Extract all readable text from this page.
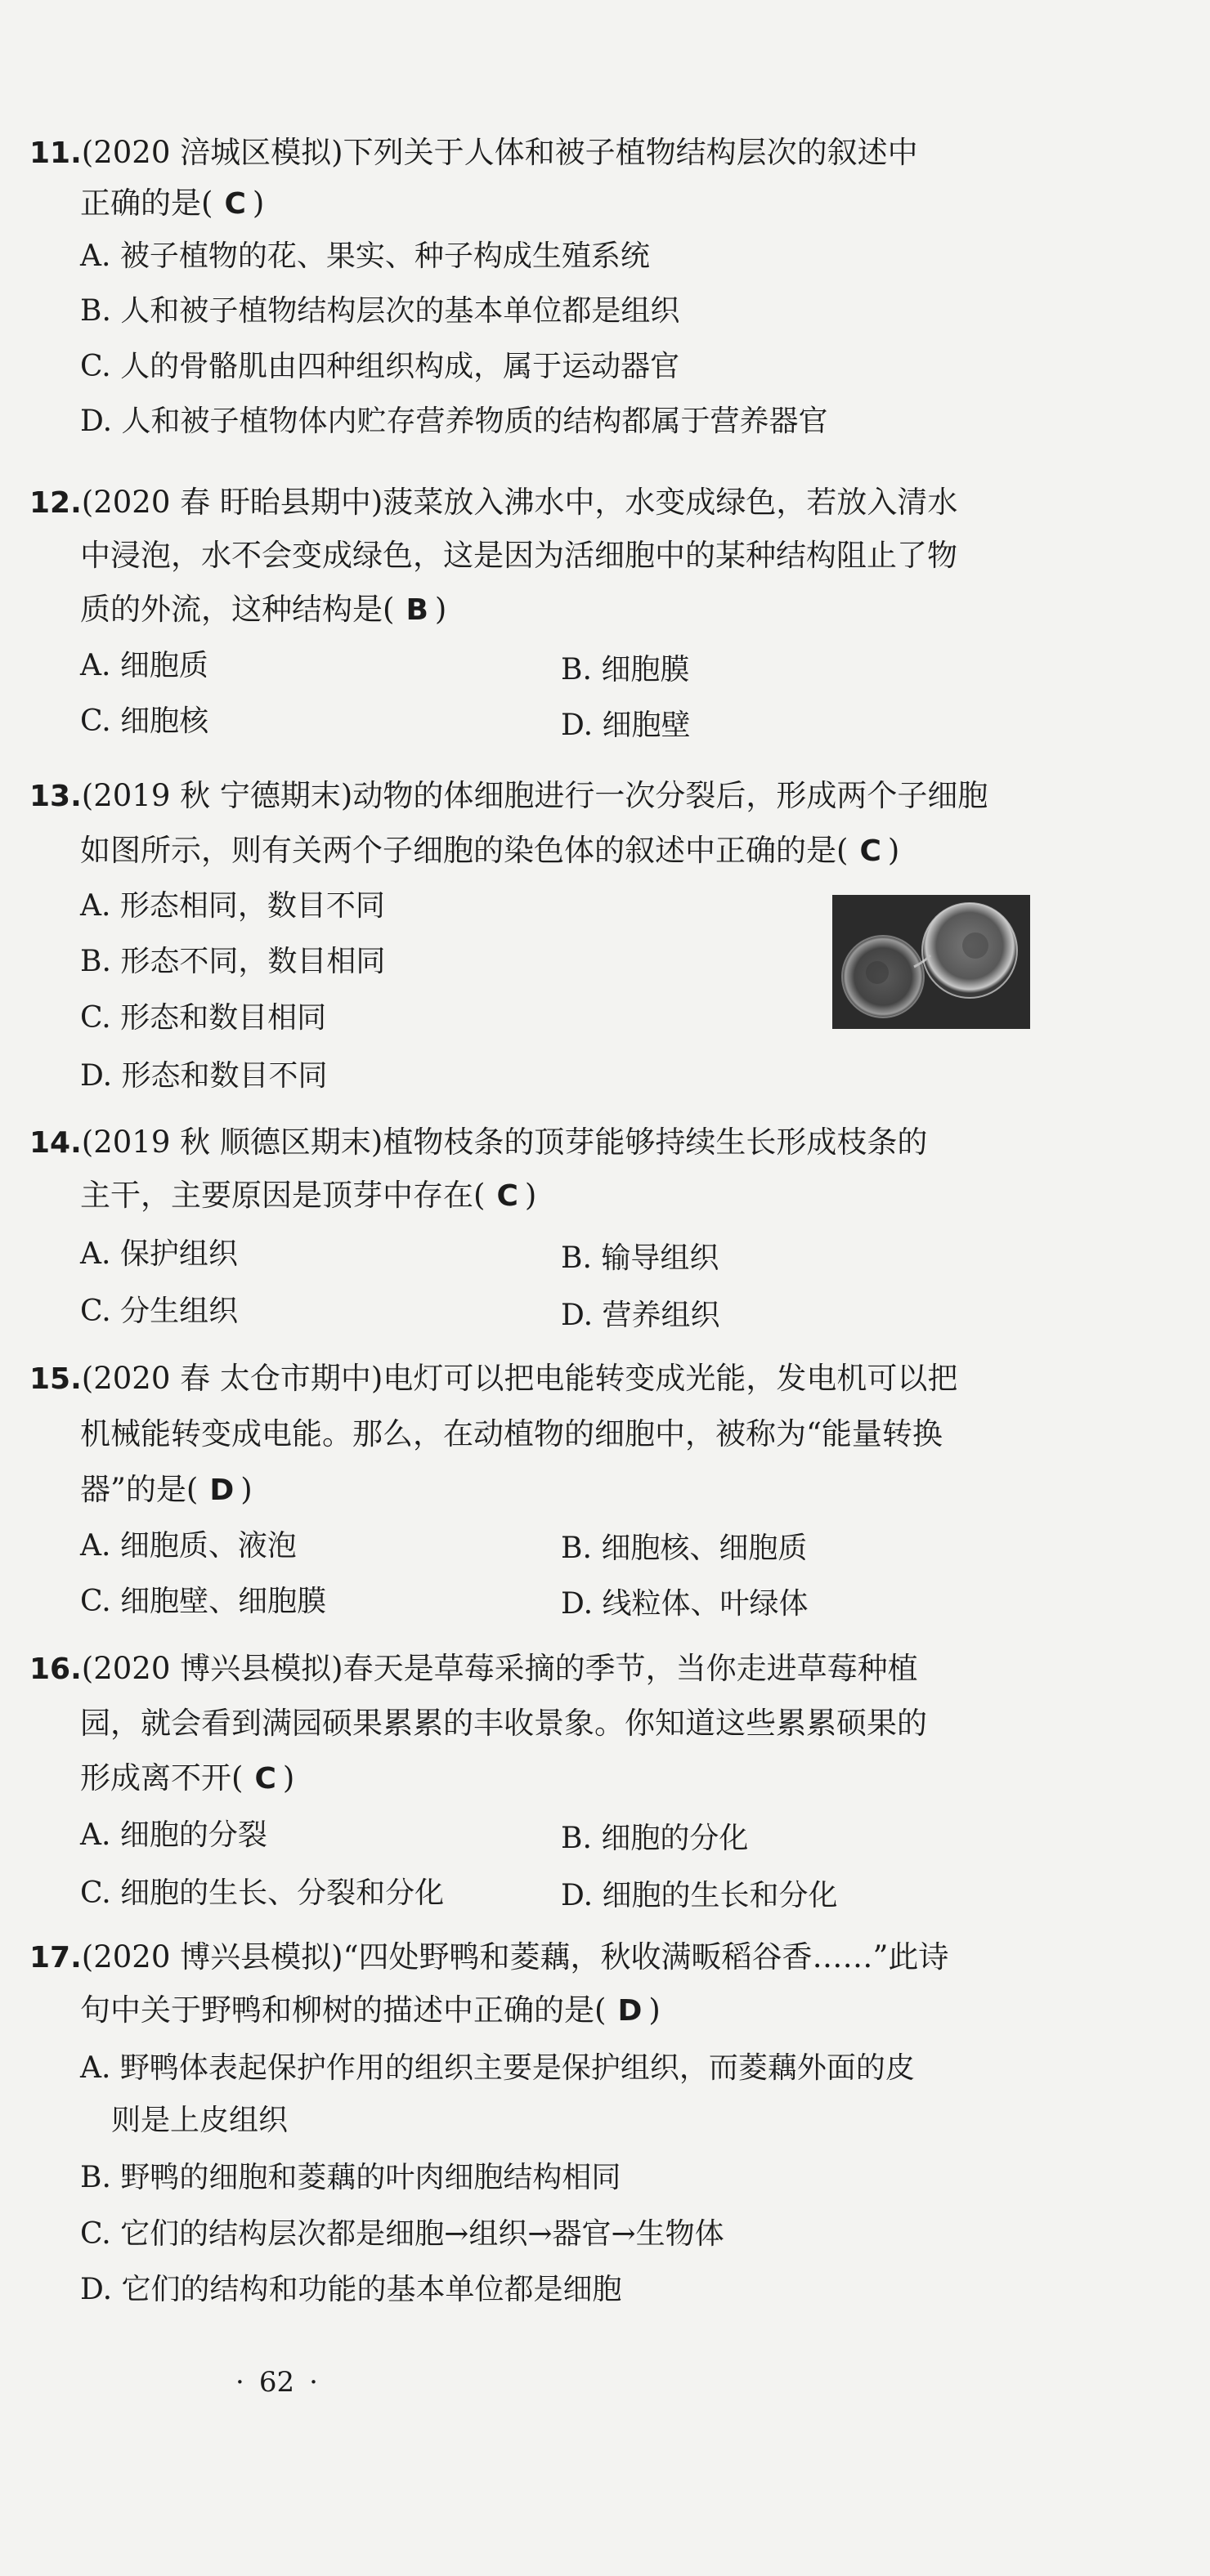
11.(2020 涪城区模拟)下列关于人体和被子植物结构层次的叙述中
正确的是( C )
A. 被子植物的花、果实、种子构成生殖系统
B. 人和被子植物结构层次的基本单位都是组织
C. 人的骨骼肌由四种组织构成，属于运动器官
D. 人和被子植物体内贮存营养物质的结构都属于营养器官
12.(2020 春 盱眙县期中)菠菜放入沸水中，水变成绿色，若放入清水
中浸泡，水不会变成绿色，这是因为活细胞中的某种结构阻止了物
质的外流，这种结构是( B )
A. 细胞质	B. 细胞膜
C. 细胞核	D. 细胞壁
13.(2019 秋 宁德期末)动物的体细胞进行一次分裂后，形成两个子细胞
如图所示，则有关两个子细胞的染色体的叙述中正确的是( C )
A. 形态相同，数目不同
B. 形态不同，数目相同
C. 形态和数目相同
D. 形态和数目不同
14.(2019 秋 顺德区期末)植物枝条的顶芽能够持续生长形成枝条的
主干，主要原因是顶芽中存在( C )
A. 保护组织	B. 输导组织
C. 分生组织	D. 营养组织
15.(2020 春 太仓市期中)电灯可以把电能转变成光能，发电机可以把
机械能转变成电能。那么，在动植物的细胞中，被称为“能量转换
器”的是( D )
A. 细胞质、液泡	B. 细胞核、细胞质
C. 细胞壁、细胞膜	D. 线粒体、叶绿体
16.(2020 博兴县模拟)春天是草莓采摘的季节，当你走进草莓种植
园，就会看到满园硕果累累的丰收景象。你知道这些累累硕果的
形成离不开( C )
A. 细胞的分裂	B. 细胞的分化
C. 细胞的生长、分裂和分化	D. 细胞的生长和分化
17.(2020 博兴县模拟)“四处野鸭和菱藕，秋收满畈稻谷香……”此诗
句中关于野鸭和柳树的描述中正确的是( D )
A. 野鸭体表起保护作用的组织主要是保护组织，而菱藕外面的皮
则是上皮组织
B. 野鸭的细胞和菱藕的叶肉细胞结构相同
C. 它们的结构层次都是细胞→组织→器官→生物体
D. 它们的结构和功能的基本单位都是细胞
· 62 ·
